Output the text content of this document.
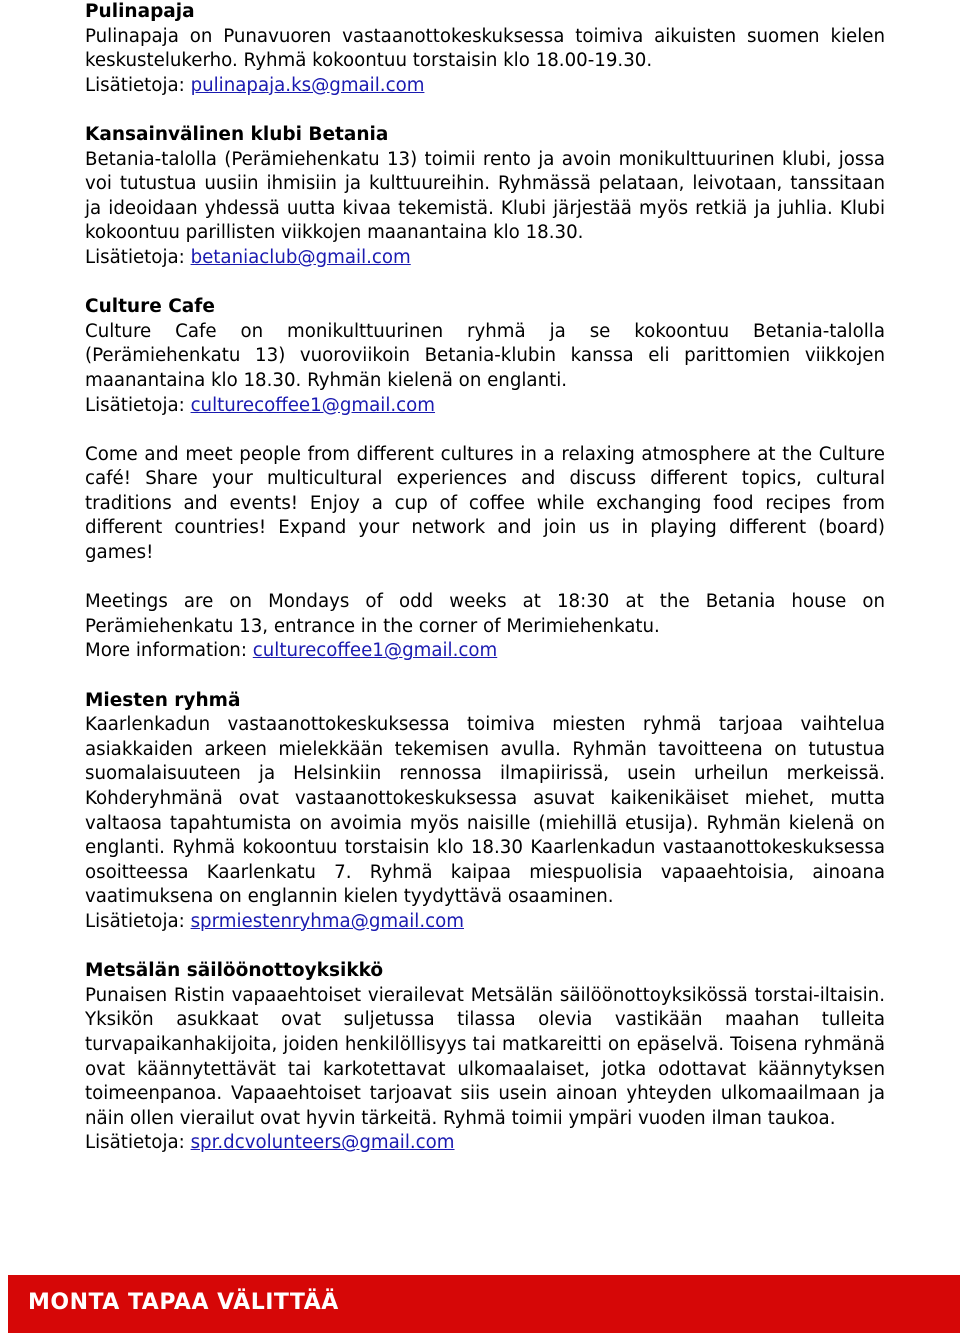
Pulinapaja

Pulinapaja on Punavuoren vastaanottokeskuksessa toimiva aikuisten suomen kielen keskustelukerho. Ryhmä kokoontuu torstaisin klo 18.00-19.30.

Lisätietoja: pulinapaja.ks@gmail.com

Kansainvälinen klubi Betania

Betania-talolla (Perämiehenkatu 13) toimii rento ja avoin monikulttuurinen klubi, jossa voi tutustua uusiin ihmisiin ja kulttuureihin. Ryhmässä pelataan, leivotaan, tanssitaan ja ideoidaan yhdessä uutta kivaa tekemistä. Klubi järjestää myös retkiä ja juhlia. Klubi kokoontuu parillisten viikkojen maanantaina klo 18.30.

Lisätietoja: betaniaclub@gmail.com

Culture Cafe

Culture Cafe on monikulttuurinen ryhmä ja se kokoontuu Betania-talolla (Perämiehenkatu 13) vuoroviikoin Betania-klubin kanssa eli parittomien viikkojen maanantaina klo 18.30. Ryhmän kielenä on englanti.

Lisätietoja: culturecoffee1@gmail.com

Come and meet people from different cultures in a relaxing atmosphere at the Culture café! Share your multicultural experiences and discuss different topics, cultural traditions and events! Enjoy a cup of coffee while exchanging food recipes from different countries! Expand your network and join us in playing different (board) games!

Meetings are on Mondays of odd weeks at 18:30 at the Betania house on Perämiehenkatu 13, entrance in the corner of Merimiehenkatu.

More information: culturecoffee1@gmail.com

Miesten ryhmä

Kaarlenkadun vastaanottokeskuksessa toimiva miesten ryhmä tarjoaa vaihtelua asiakkaiden arkeen mielekkään tekemisen avulla. Ryhmän tavoitteena on tutustua suomalaisuuteen ja Helsinkiin rennossa ilmapiirissä, usein urheilun merkeissä. Kohderyhmänä ovat vastaanottokeskuksessa asuvat kaikenikäiset miehet, mutta valtaosa tapahtumista on avoimia myös naisille (miehillä etusija). Ryhmän kielenä on englanti. Ryhmä kokoontuu torstaisin klo 18.30 Kaarlenkadun vastaanottokeskuksessa osoitteessa Kaarlenkatu 7. Ryhmä kaipaa miespuolisia vapaaehtoisia, ainoana vaatimuksena on englannin kielen tyydyttävä osaaminen.

Lisätietoja: sprmiestenryhma@gmail.com

Metsälän säilöönottoyksikkö

Punaisen Ristin vapaaehtoiset vierailevat Metsälän säilöönottoyksikössä torstai-iltaisin. Yksikön asukkaat ovat suljetussa tilassa olevia vastikään maahan tulleita turvapaikanhakijoita, joiden henkilöllisyys tai matkareitti on epäselvä. Toisena ryhmänä ovat käännytettävät tai karkotettavat ulkomaalaiset, jotka odottavat käännytyksen toimeenpanoa. Vapaaehtoiset tarjoavat siis usein ainoan yhteyden ulkomaailmaan ja näin ollen vierailut ovat hyvin tärkeitä. Ryhmä toimii ympäri vuoden ilman taukoa.

Lisätietoja: spr.dcvolunteers@gmail.com

MONTA TAPAA VÄLITTÄÄ
